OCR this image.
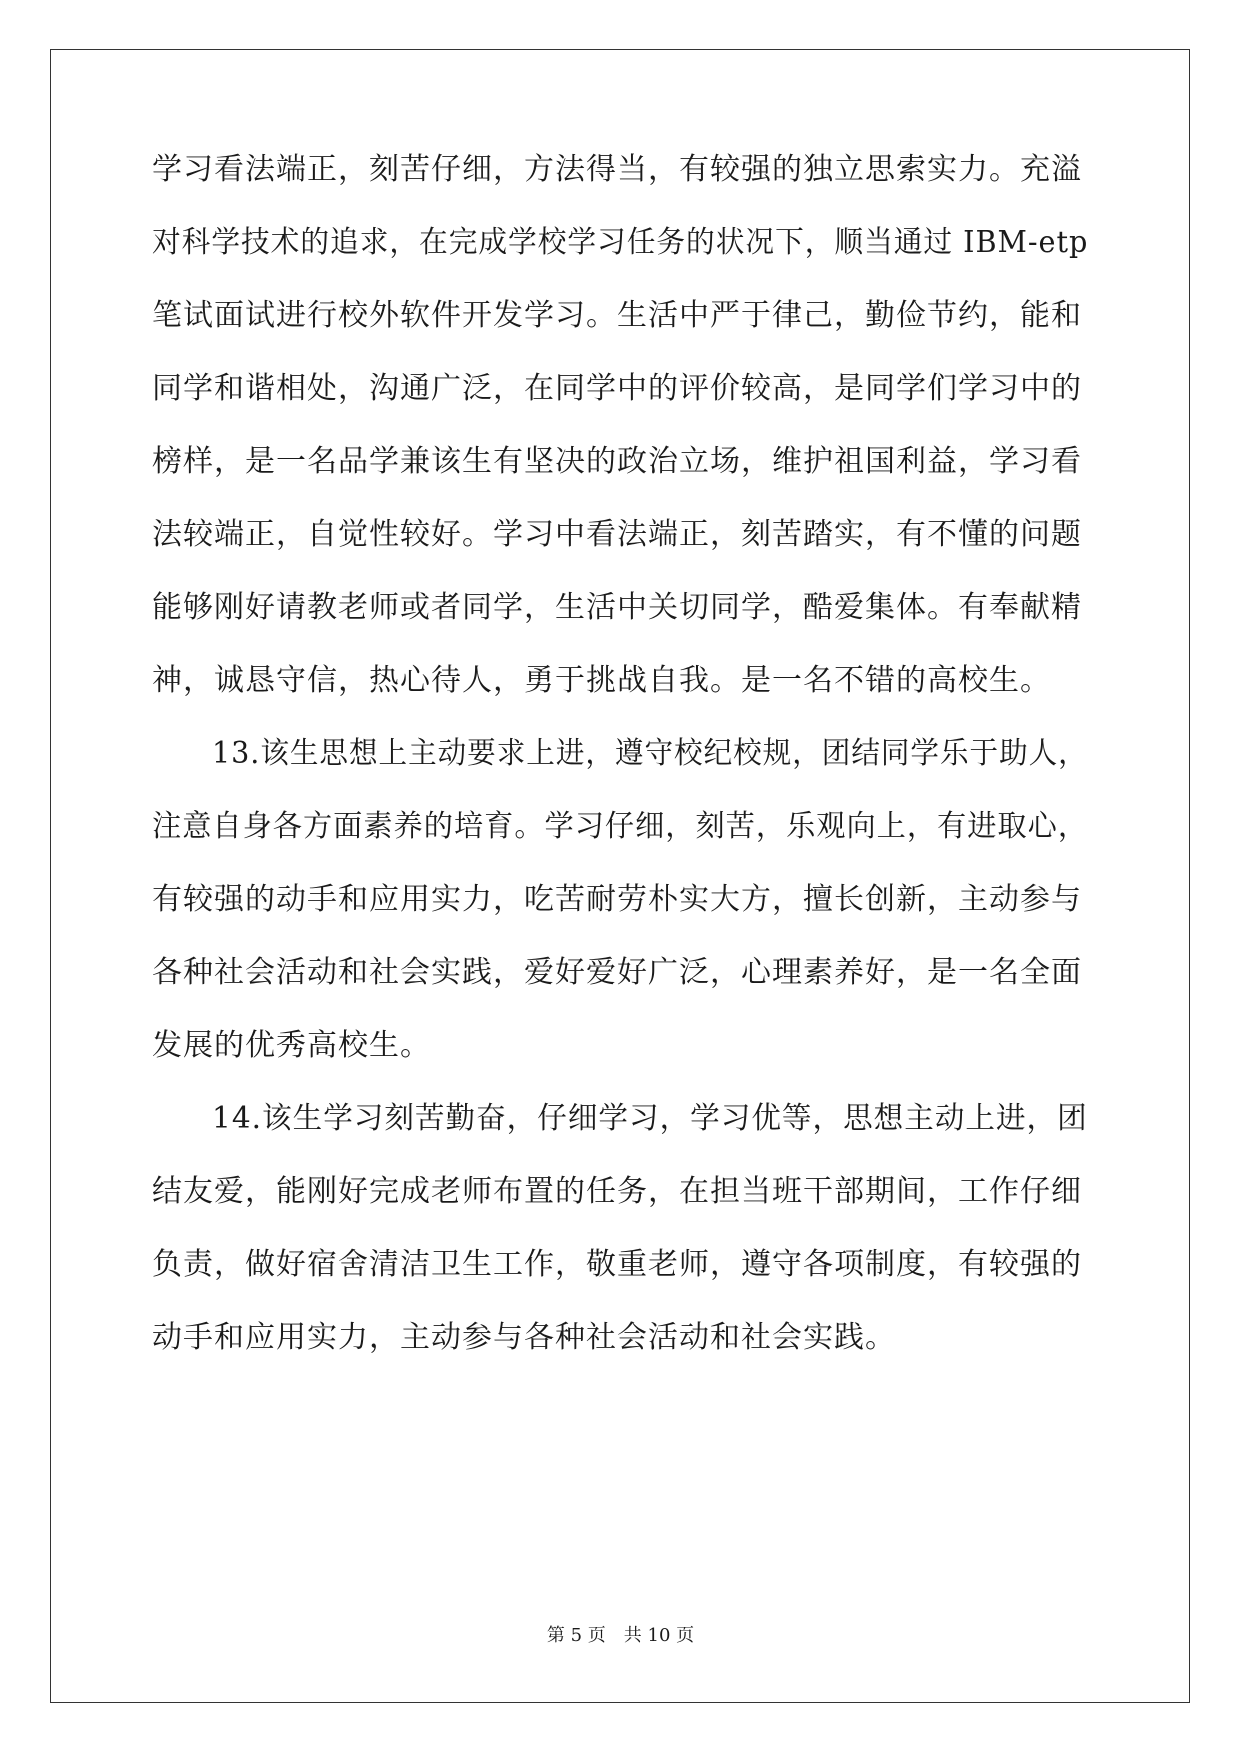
学习看法端正，刻苦仔细，方法得当，有较强的独立思索实力。充溢
对科学技术的追求，在完成学校学习任务的状况下，顺当通过 IBM-etp
笔试面试进行校外软件开发学习。生活中严于律己，勤俭节约，能和
同学和谐相处，沟通广泛，在同学中的评价较高，是同学们学习中的
榜样，是一名品学兼该生有坚决的政治立场，维护祖国利益，学习看
法较端正，自觉性较好。学习中看法端正，刻苦踏实，有不懂的问题
能够刚好请教老师或者同学，生活中关切同学，酷爱集体。有奉献精
神，诚恳守信，热心待人，勇于挑战自我。是一名不错的高校生。
13.该生思想上主动要求上进，遵守校纪校规，团结同学乐于助人，
注意自身各方面素养的培育。学习仔细，刻苦，乐观向上，有进取心，
有较强的动手和应用实力，吃苦耐劳朴实大方，擅长创新，主动参与
各种社会活动和社会实践，爱好爱好广泛，心理素养好，是一名全面
发展的优秀高校生。
14.该生学习刻苦勤奋，仔细学习，学习优等，思想主动上进，团
结友爱，能刚好完成老师布置的任务，在担当班干部期间，工作仔细
负责，做好宿舍清洁卫生工作，敬重老师，遵守各项制度，有较强的
动手和应用实力，主动参与各种社会活动和社会实践。
第 5 页 共 10 页
